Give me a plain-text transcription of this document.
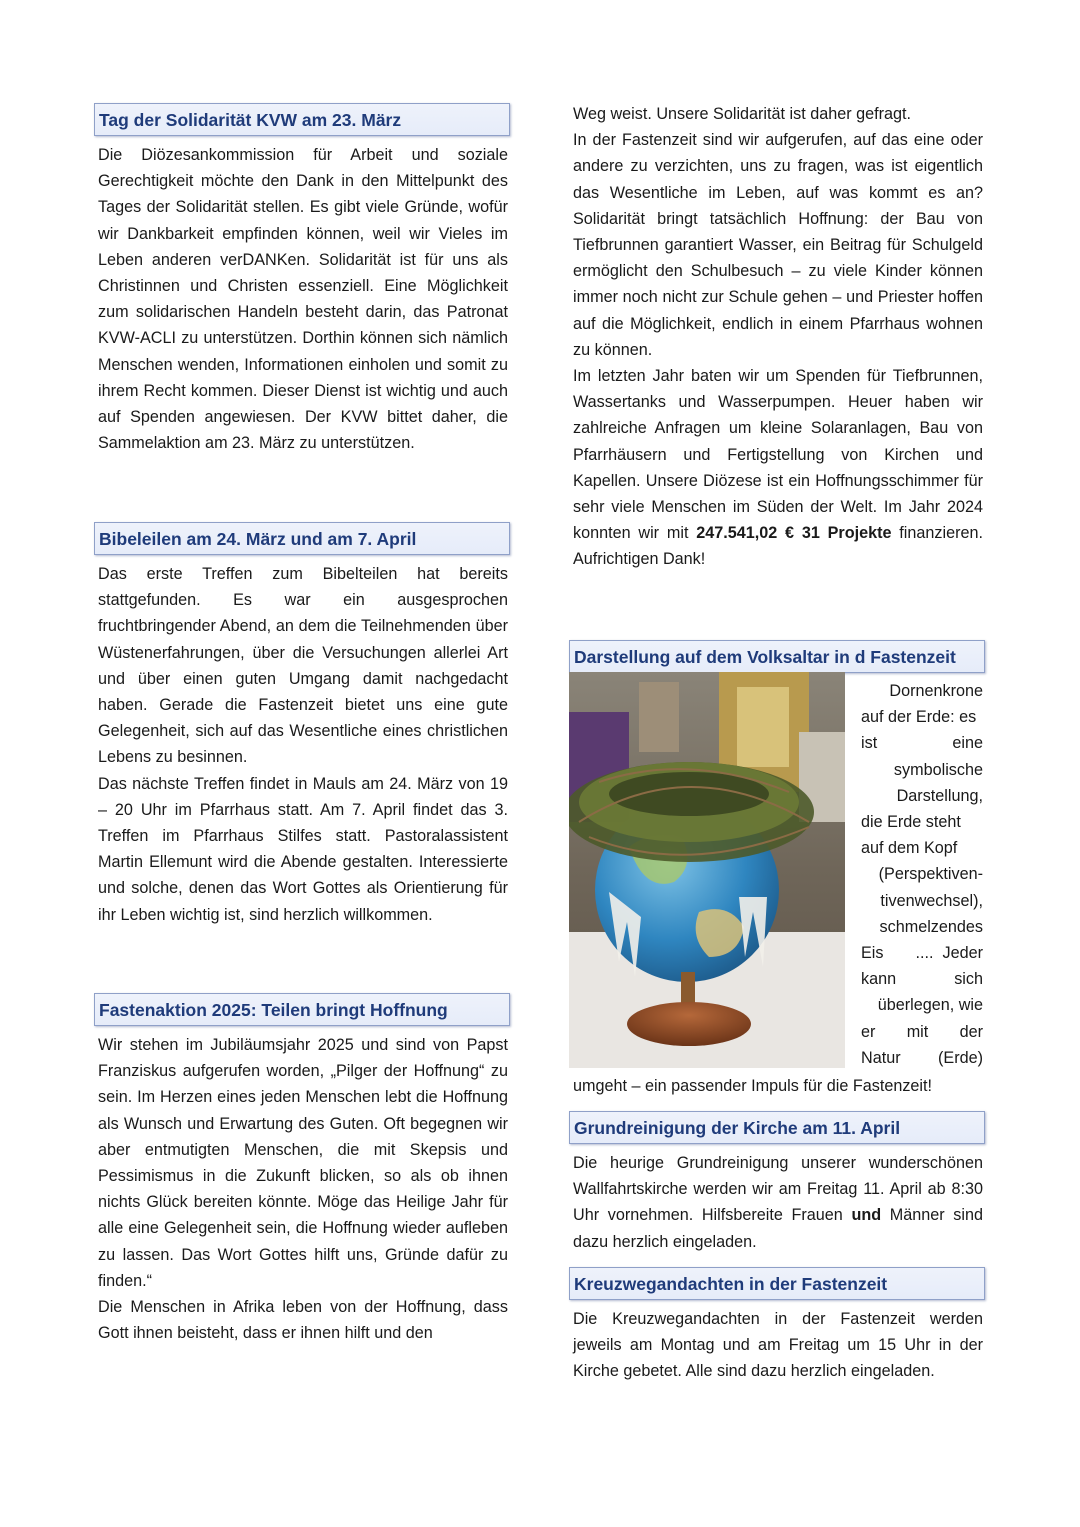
Tag der Solidarität KVW am 23. März

Die Diözesankommission für Arbeit und soziale Gerechtigkeit möchte den Dank in den Mittelpunkt des Tages der Solidarität stellen. Es gibt viele Gründe, wofür wir Dankbarkeit empfinden können, weil wir Vieles im Leben anderen verDANKen. Solidarität ist für uns als Christinnen und Christen essenziell. Eine Möglichkeit zum solidarischen Handeln besteht darin, das Patronat KVW-ACLI zu unterstützen. Dorthin können sich nämlich Menschen wenden, Informationen einholen und somit zu ihrem Recht kommen. Dieser Dienst ist wichtig und auch auf Spenden angewiesen. Der KVW bittet daher, die Sammelaktion am 23. März zu unterstützen.

Bibeleilen am 24. März und am 7. April

Das erste Treffen zum Bibelteilen hat bereits stattgefunden. Es war ein ausgesprochen fruchtbringender Abend, an dem die Teilnehmenden über Wüstenerfahrungen, über die Versuchungen allerlei Art und über einen guten Umgang damit nachgedacht haben. Gerade die Fastenzeit bietet uns eine gute Gelegenheit, sich auf das Wesentliche eines christlichen Lebens zu besinnen.

Das nächste Treffen findet in Mauls am 24. März von 19 – 20 Uhr im Pfarrhaus statt. Am 7. April findet das 3. Treffen im Pfarrhaus Stilfes statt. Pastoralassistent Martin Ellemunt wird die Abende gestalten. Interessierte und solche, denen das Wort Gottes als Orientierung für ihr Leben wichtig ist, sind herzlich willkommen.

Fastenaktion 2025: Teilen bringt Hoffnung

Wir stehen im Jubiläumsjahr 2025 und sind von Papst Franziskus aufgerufen worden, „Pilger der Hoffnung“ zu sein. Im Herzen eines jeden Menschen lebt die Hoffnung als Wunsch und Erwartung des Guten. Oft begegnen wir aber entmutigten Menschen, die mit Skepsis und Pessimismus in die Zukunft blicken, so als ob ihnen nichts Glück bereiten könnte. Möge das Heilige Jahr für alle eine Gelegenheit sein, die Hoffnung wieder aufleben zu lassen. Das Wort Gottes hilft uns, Gründe dafür zu finden.“

Die Menschen in Afrika leben von der Hoffnung, dass Gott ihnen beisteht, dass er ihnen hilft und den

Weg weist. Unsere Solidarität ist daher gefragt.

In der Fastenzeit sind wir aufgerufen, auf das eine oder andere zu verzichten, uns zu fragen, was ist eigentlich das Wesentliche im Leben, auf was kommt es an? Solidarität bringt tatsächlich Hoffnung: der Bau von Tiefbrunnen garantiert Wasser, ein Beitrag für Schulgeld ermöglicht den Schulbesuch – zu viele Kinder können immer noch nicht zur Schule gehen – und Priester hoffen auf die Möglichkeit, endlich in einem Pfarrhaus wohnen zu können.

Im letzten Jahr baten wir um Spenden für Tiefbrunnen, Wassertanks und Wasserpumpen. Heuer haben wir zahlreiche Anfragen um kleine Solaranlagen, Bau von Pfarrhäusern und Fertigstellung von Kirchen und Kapellen. Unsere Diözese ist ein Hoffnungsschimmer für sehr viele Menschen im Süden der Welt. Im Jahr 2024 konnten wir mit 247.541,02 € 31 Projekte finanzieren. Aufrichtigen Dank!

Darstellung auf dem Volksaltar in d Fastenzeit
Dornenkrone
auf der Erde: es
ist	eine
symbolische
Darstellung,
die Erde steht
auf dem Kopf
(Perspektiven-
tivenwechsel),
schmelzendes
Eis ....  Jeder
kann	sich
überlegen, wie
er mit der
Natur (Erde)
umgeht – ein passender Impuls für die Fastenzeit!
Grundreinigung der Kirche am 11. April

Die heurige Grundreinigung unserer wunderschönen Wallfahrtskirche werden wir am Freitag 11. April ab 8:30 Uhr vornehmen. Hilfsbereite Frauen und Männer sind dazu herzlich eingeladen.

Kreuzwegandachten in der Fastenzeit

Die Kreuzwegandachten in der Fastenzeit werden jeweils am Montag und am Freitag um 15 Uhr in der Kirche gebetet. Alle sind dazu herzlich eingeladen.
